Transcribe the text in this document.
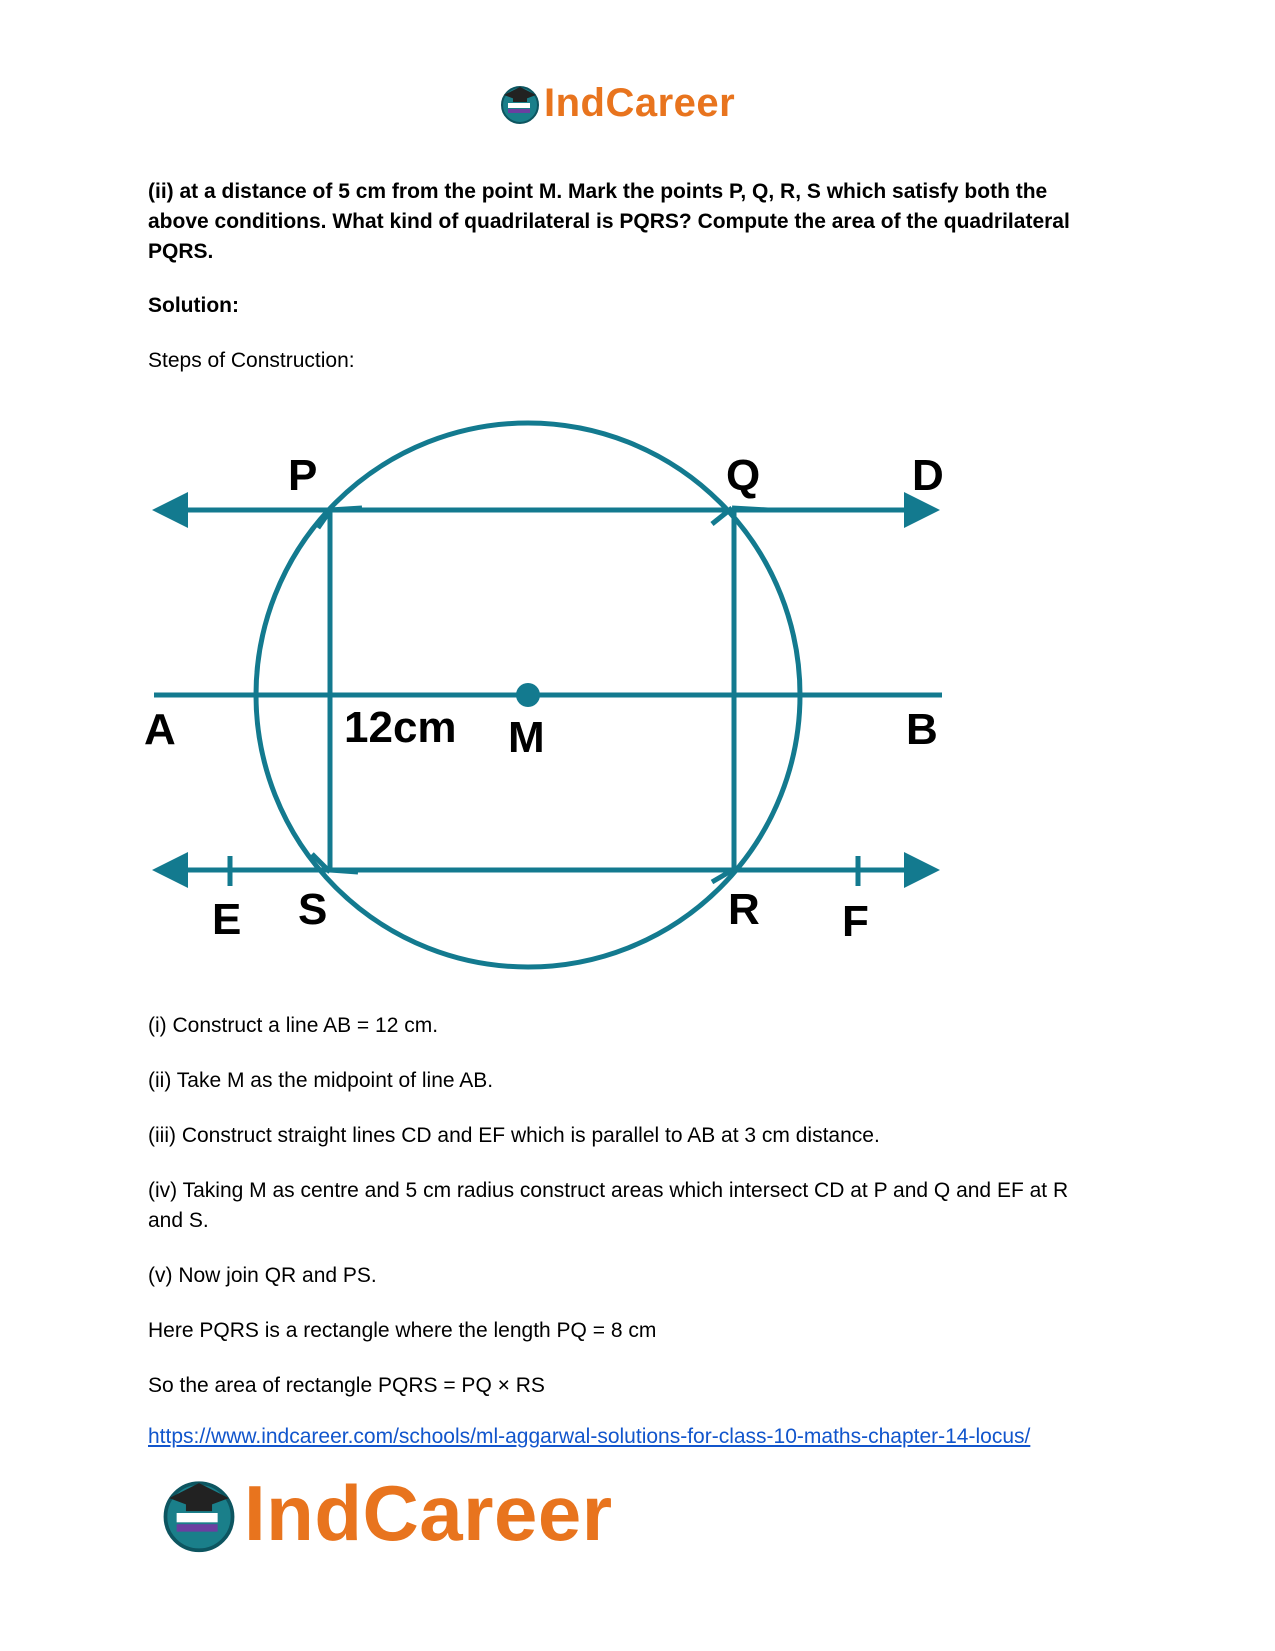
IndCareer
(ii) at a distance of 5 cm from the point M. Mark the points P, Q, R, S which satisfy both the above conditions. What kind of quadrilateral is PQRS? Compute the area of the quadrilateral PQRS.
Solution:
Steps of Construction:
(i) Construct a line AB = 12 cm.
(ii) Take M as the midpoint of line AB.
(iii) Construct straight lines CD and EF which is parallel to AB at 3 cm distance.
(iv) Taking M as centre and 5 cm radius construct areas which intersect CD at P and Q and EF at R and S.
(v) Now join QR and PS.
Here PQRS is a rectangle where the length PQ = 8 cm
So the area of rectangle PQRS = PQ × RS
https://www.indcareer.com/schools/ml-aggarwal-solutions-for-class-10-maths-chapter-14-locus/
P	Q	D
A	B
M
12cm
E S	R F
IndCareer
